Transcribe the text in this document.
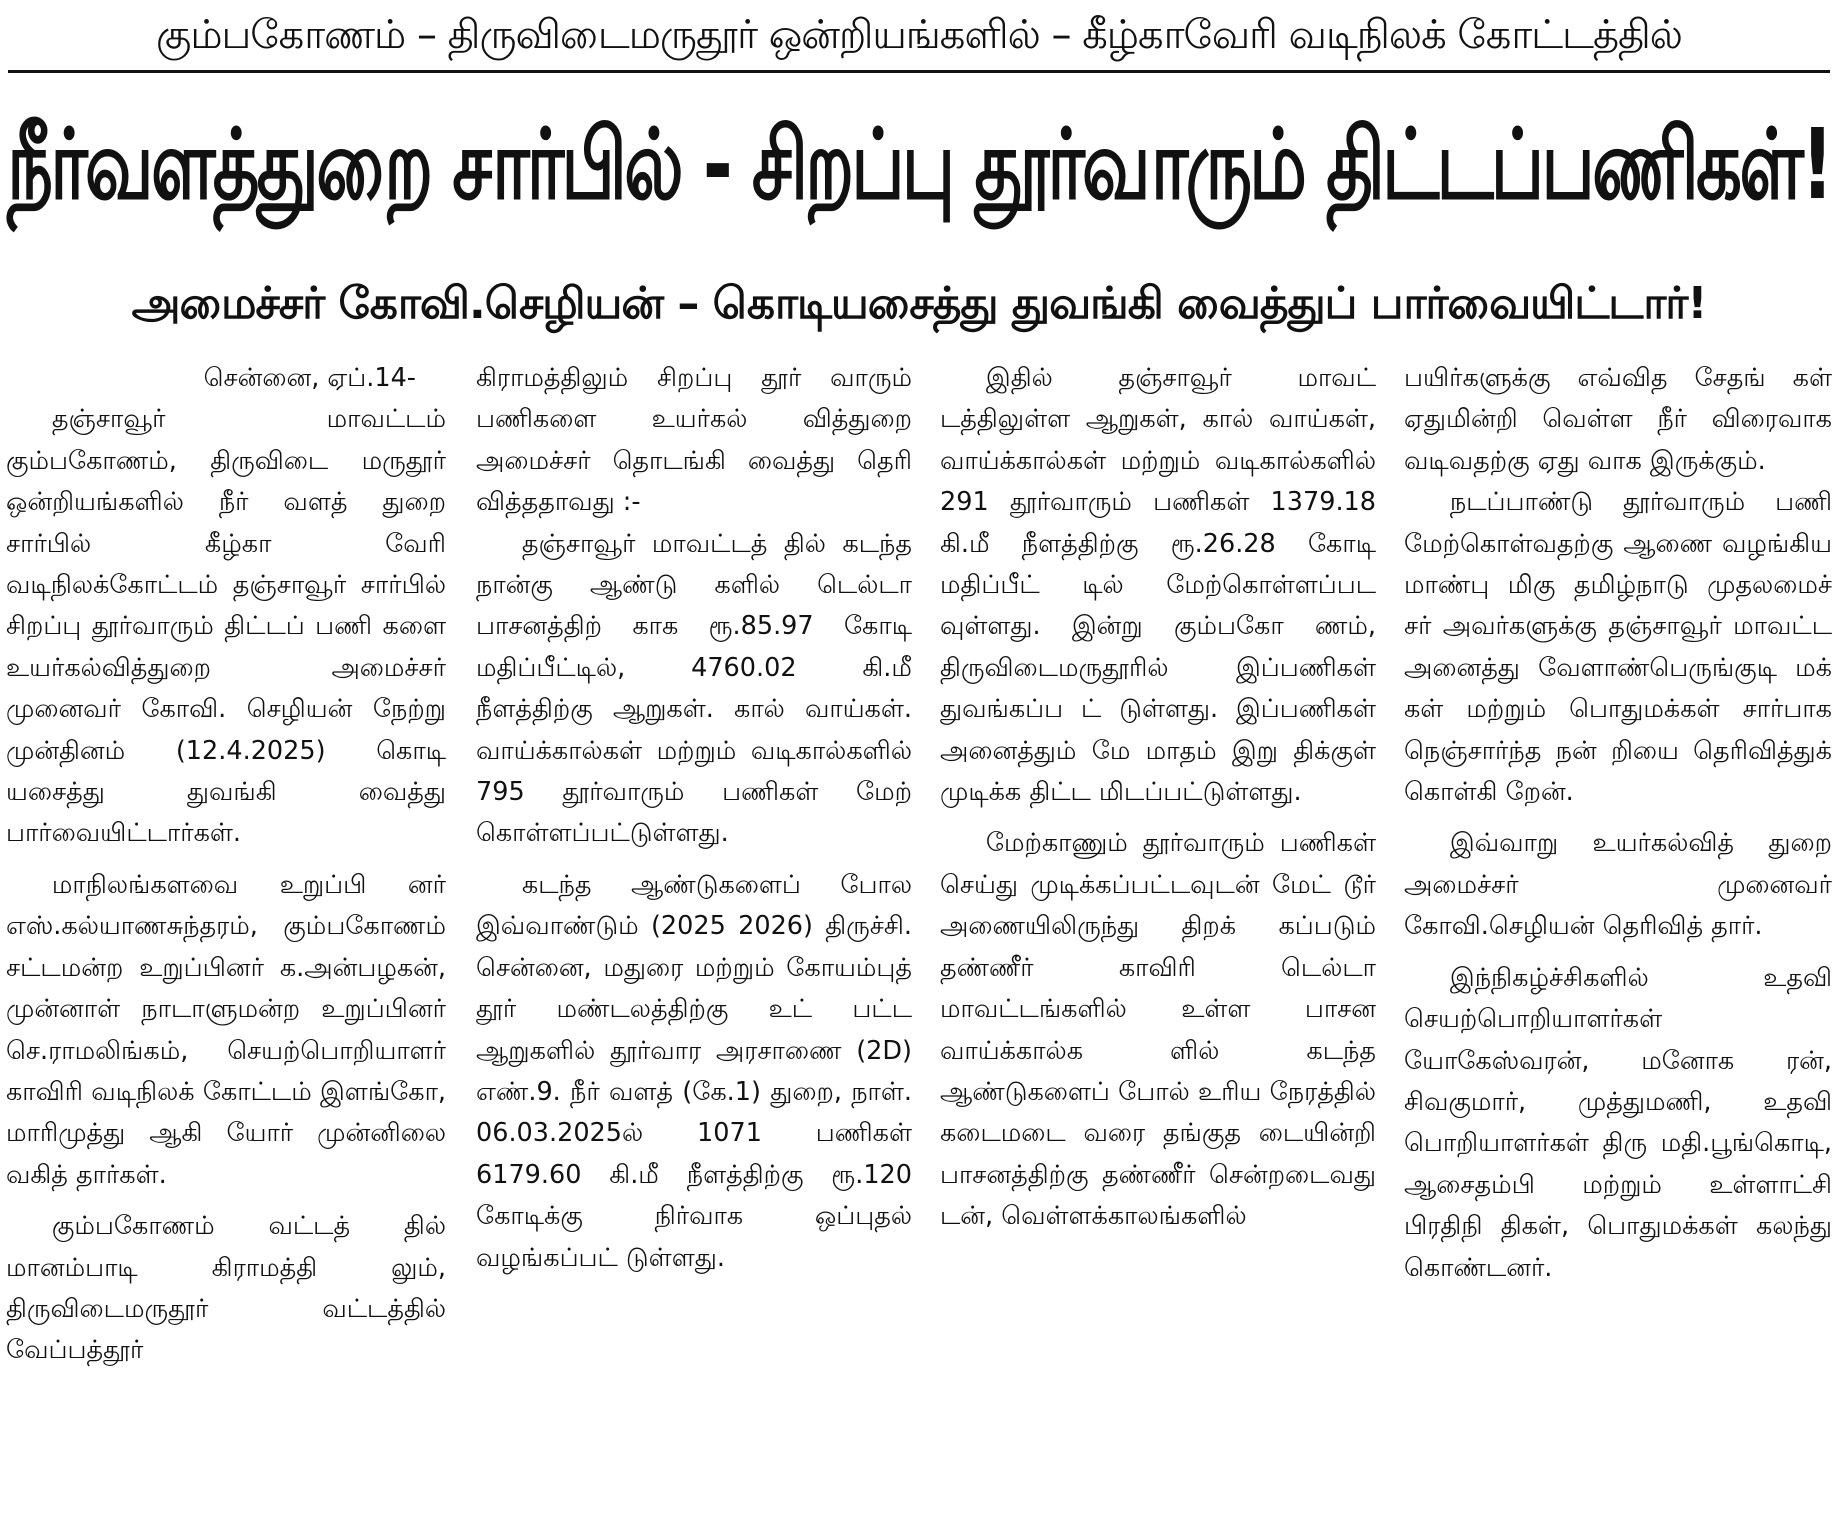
கும்பகோணம் – திருவிடைமருதூர் ஒன்றியங்களில் – கீழ்காவேரி வடிநிலக் கோட்டத்தில்
நீர்வளத்துறை சார்பில் - சிறப்பு தூர்வாரும் திட்டப்பணிகள்!
அமைச்சர் கோவி.செழியன் – கொடியசைத்து துவங்கி வைத்துப் பார்வையிட்டார்!

சென்னை, ஏப்.14-

தஞ்சாவூர் மாவட்டம் கும்பகோணம், திருவிடை மருதூர் ஒன்றியங்களில் நீர் வளத் துறை சார்பில் கீழ்கா வேரி வடிநிலக்கோட்டம் தஞ்சாவூர் சார்பில் சிறப்பு தூர்வாரும் திட்டப் பணி களை உயர்கல்வித்துறை அமைச்சர் முனைவர் கோவி. செழியன் நேற்று முன்தினம் (12.4.2025) கொடி யசைத்து துவங்கி வைத்து பார்வையிட்டார்கள்.

மாநிலங்களவை உறுப்பி னர் எஸ்.கல்யாணசுந்தரம், கும்பகோணம் சட்டமன்ற உறுப்பினர் க.அன்பழகன், முன்னாள் நாடாளுமன்ற உறுப்பினர் செ.ராமலிங்கம், செயற்பொறியாளர் காவிரி வடிநிலக் கோட்டம் இளங்கோ, மாரிமுத்து ஆகி யோர் முன்னிலை வகித் தார்கள்.

கும்பகோணம் வட்டத் தில் மானம்பாடி கிராமத்தி லும், திருவிடைமருதூர் வட்டத்தில் வேப்பத்தூர்

கிராமத்திலும் சிறப்பு தூர் வாரும் பணிகளை உயர்கல் வித்துறை அமைச்சர் தொடங்கி வைத்து தெரி வித்ததாவது :-

தஞ்சாவூர் மாவட்டத் தில் கடந்த நான்கு ஆண்டு களில் டெல்டா பாசனத்திற் காக ரூ.85.97 கோடி மதிப்பீட்டில், 4760.02 கி.மீ நீளத்திற்கு ஆறுகள். கால் வாய்கள். வாய்க்கால்கள் மற்றும் வடிகால்களில் 795 தூர்வாரும் பணிகள் மேற் கொள்ளப்பட்டுள்ளது.

கடந்த ஆண்டுகளைப் போல இவ்வாண்டும் (2025 2026) திருச்சி. சென்னை, மதுரை மற்றும் கோயம்புத் தூர் மண்டலத்திற்கு உட் பட்ட ஆறுகளில் தூர்வார அரசாணை (2D) எண்.9. நீர் வளத் (கே.1) துறை, நாள். 06.03.2025ல் 1071 பணிகள் 6179.60 கி.மீ நீளத்திற்கு ரூ.120 கோடிக்கு நிர்வாக ஒப்புதல் வழங்கப்பட் டுள்ளது.

இதில் தஞ்சாவூர் மாவட் டத்திலுள்ள ஆறுகள், கால் வாய்கள், வாய்க்கால்கள் மற்றும் வடிகால்களில் 291 தூர்வாரும் பணிகள் 1379.18 கி.மீ நீளத்திற்கு ரூ.26.28 கோடி மதிப்பீட் டில் மேற்கொள்ளப்பட வுள்ளது. இன்று கும்பகோ ணம், திருவிடைமருதூரில் இப்பணிகள் துவங்கப்ப ட் டுள்ளது. இப்பணிகள் அனைத்தும் மே மாதம் இறு திக்குள் முடிக்க திட்ட மிடப்பட்டுள்ளது.

மேற்காணும் தூர்வாரும் பணிகள் செய்து முடிக்கப்பட்டவுடன் மேட் டூர் அணையிலிருந்து திறக் கப்படும் தண்ணீர் காவிரி டெல்டா மாவட்டங்களில் உள்ள பாசன வாய்க்கால்க ளில் கடந்த ஆண்டுகளைப் போல் உரிய நேரத்தில் கடைமடை வரை தங்குத டையின்றி பாசனத்திற்கு தண்ணீர் சென்றடைவது டன், வெள்ளக்காலங்களில்

பயிர்களுக்கு எவ்வித சேதங் கள் ஏதுமின்றி வெள்ள நீர் விரைவாக வடிவதற்கு ஏது வாக இருக்கும்.

நடப்பாண்டு தூர்வாரும் பணி மேற்கொள்வதற்கு ஆணை வழங்கிய மாண்பு மிகு தமிழ்நாடு முதலமைச் சர் அவர்களுக்கு தஞ்சாவூர் மாவட்ட அனைத்து வேளாண்பெருங்குடி மக் கள் மற்றும் பொதுமக்கள் சார்பாக நெஞ்சார்ந்த நன் றியை தெரிவித்துக் கொள்கி றேன்.

இவ்வாறு உயர்கல்வித் துறை அமைச்சர் முனைவர் கோவி.செழியன் தெரிவித் தார்.

இந்நிகழ்ச்சிகளில் உதவி செயற்பொறியாளர்கள் யோகேஸ்வரன், மனோக ரன், சிவகுமார், முத்துமணி, உதவி பொறியாளர்கள் திரு மதி.பூங்கொடி, ஆசைதம்பி மற்றும் உள்ளாட்சி பிரதிநி திகள், பொதுமக்கள் கலந்து கொண்டனர்.
